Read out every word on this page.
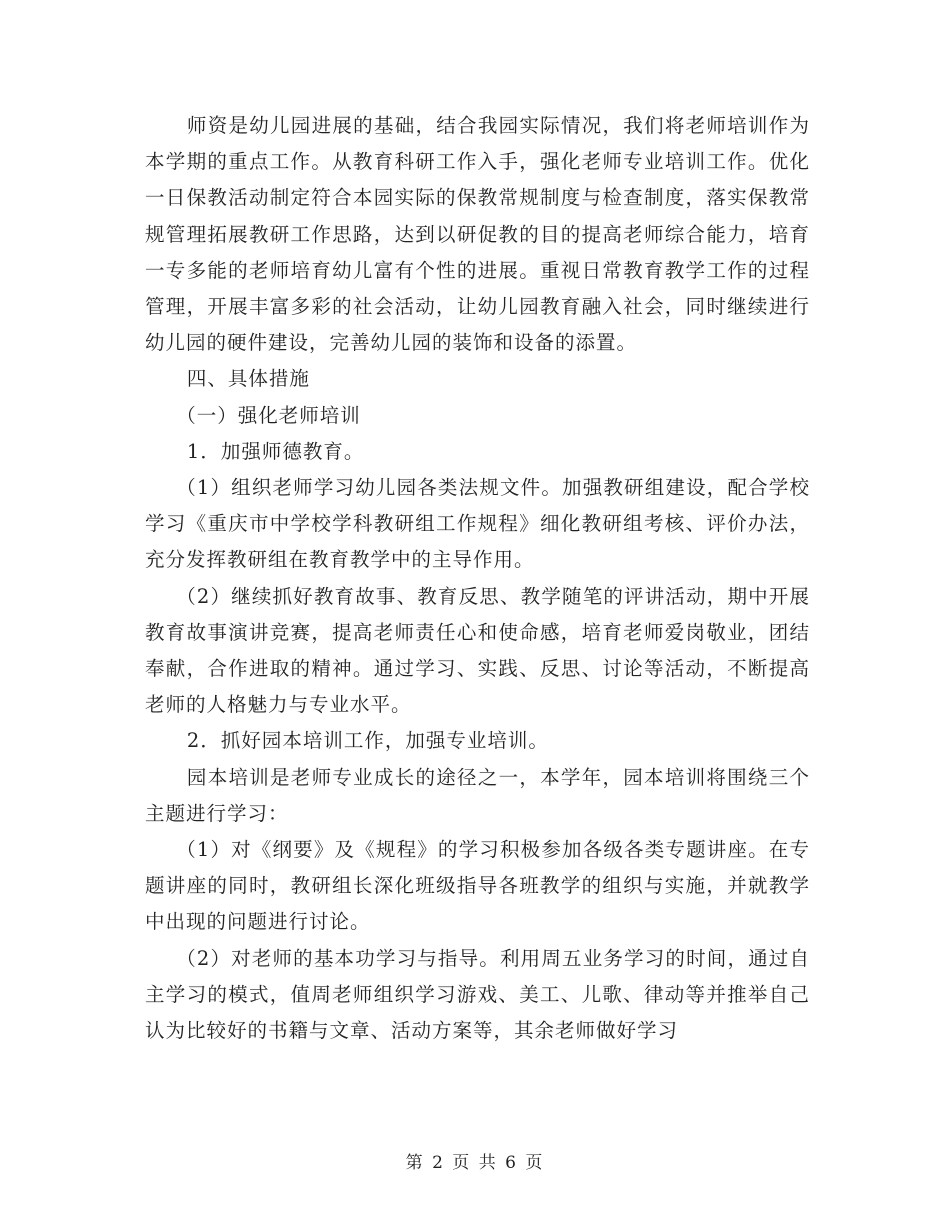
师资是幼儿园进展的基础，结合我园实际情况，我们将老师培训作为本学期的重点工作。从教育科研工作入手，强化老师专业培训工作。优化一日保教活动制定符合本园实际的保教常规制度与检查制度，落实保教常规管理拓展教研工作思路，达到以研促教的目的提高老师综合能力，培育一专多能的老师培育幼儿富有个性的进展。重视日常教育教学工作的过程管理，开展丰富多彩的社会活动，让幼儿园教育融入社会，同时继续进行幼儿园的硬件建设，完善幼儿园的装饰和设备的添置。

四、具体措施

（一）强化老师培训

1．加强师德教育。

（1）组织老师学习幼儿园各类法规文件。加强教研组建设，配合学校学习《重庆市中学校学科教研组工作规程》细化教研组考核、评价办法，充分发挥教研组在教育教学中的主导作用。

（2）继续抓好教育故事、教育反思、教学随笔的评讲活动，期中开展教育故事演讲竞赛，提高老师责任心和使命感，培育老师爱岗敬业，团结奉献，合作进取的精神。通过学习、实践、反思、讨论等活动，不断提高老师的人格魅力与专业水平。

2．抓好园本培训工作，加强专业培训。

园本培训是老师专业成长的途径之一，本学年，园本培训将围绕三个主题进行学习：

（1）对《纲要》及《规程》的学习积极参加各级各类专题讲座。在专题讲座的同时，教研组长深化班级指导各班教学的组织与实施，并就教学中出现的问题进行讨论。

（2）对老师的基本功学习与指导。利用周五业务学习的时间，通过自主学习的模式，值周老师组织学习游戏、美工、儿歌、律动等并推举自己认为比较好的书籍与文章、活动方案等，其余老师做好学习

第 2 页 共 6 页
